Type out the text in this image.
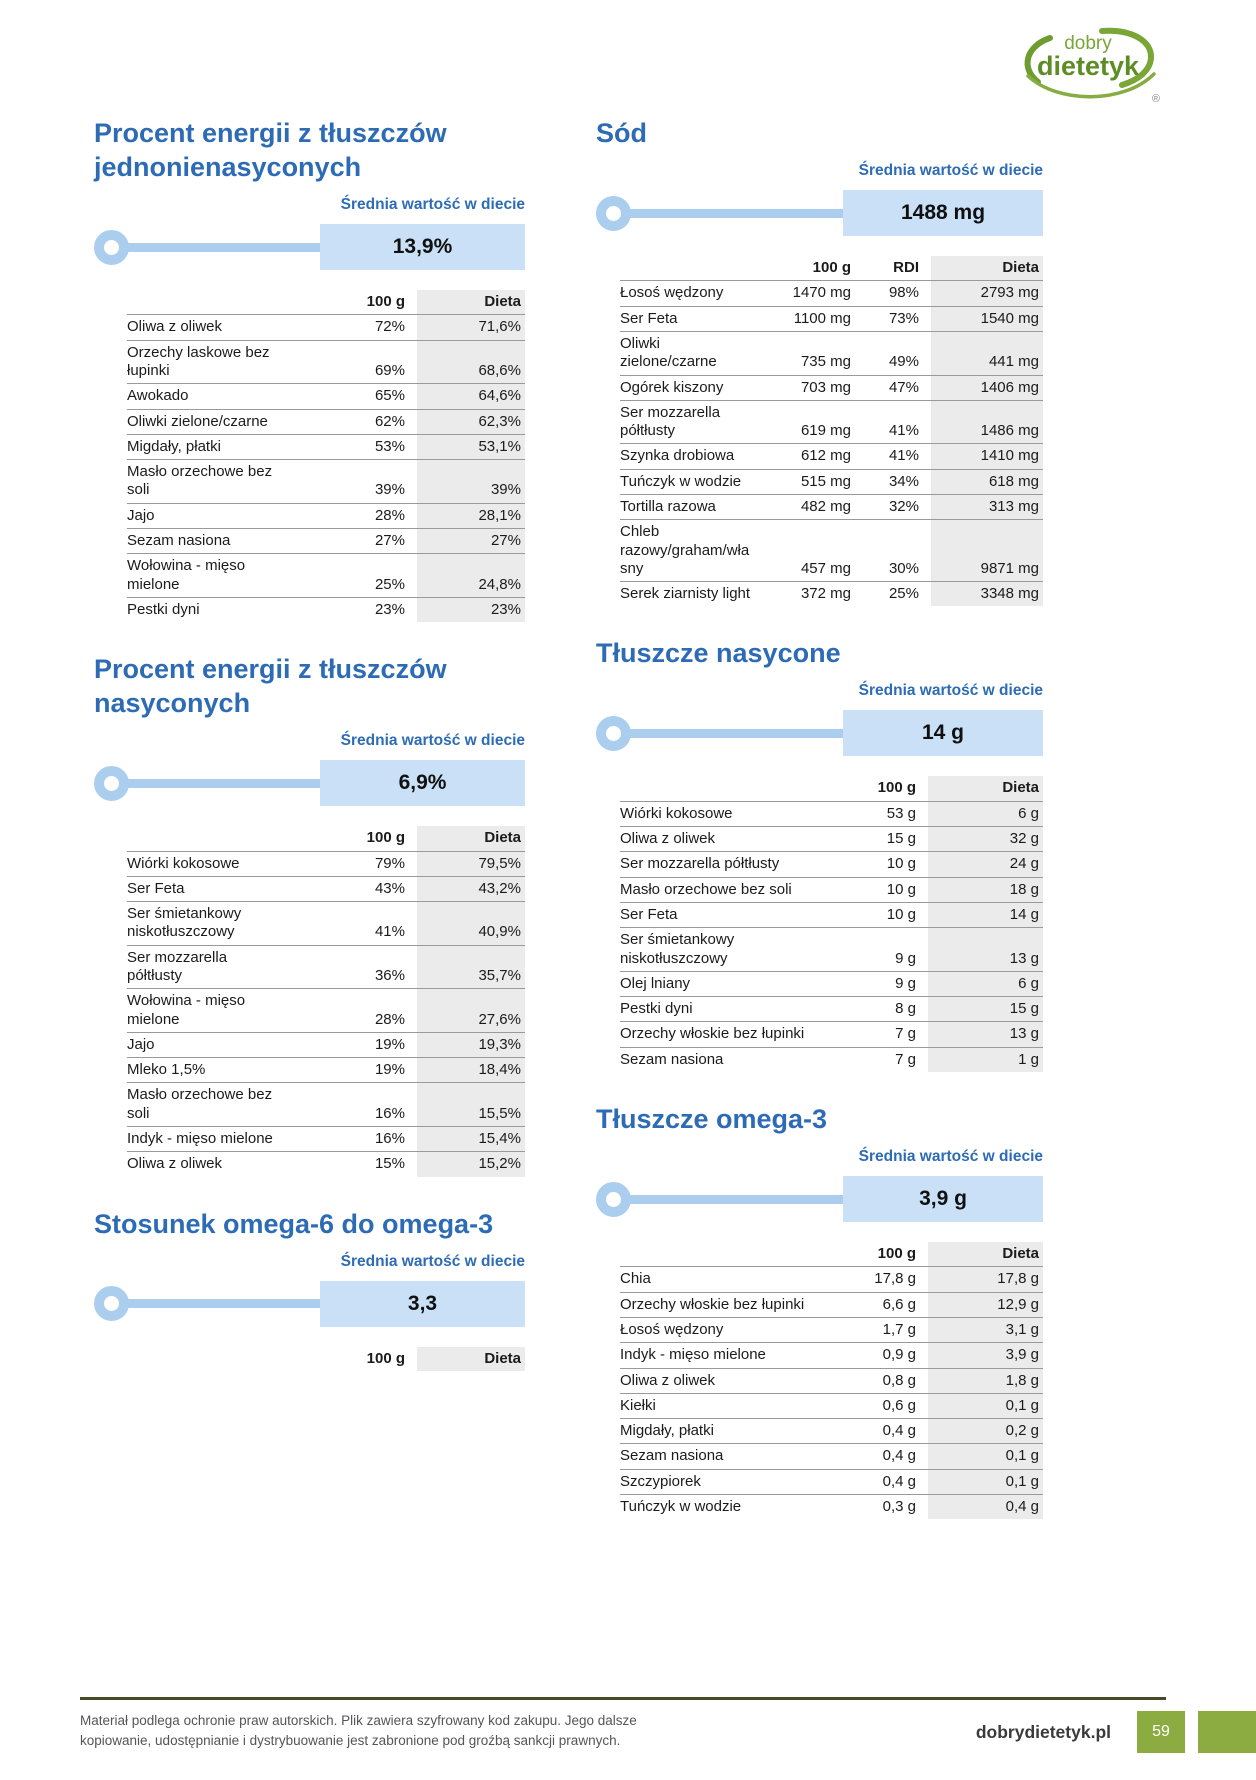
dobry
dietetyk
®
Procent energii z tłuszczów jednonienasyconych
Średnia wartość w diecie
13,9%
	100 g	Dieta
Oliwa z oliwek	72%	71,6%
Orzechy laskowe bez łupinki	69%	68,6%
Awokado	65%	64,6%
Oliwki zielone/czarne	62%	62,3%
Migdały, płatki	53%	53,1%
Masło orzechowe bez soli	39%	39%
Jajo	28%	28,1%
Sezam nasiona	27%	27%
Wołowina - mięso mielone	25%	24,8%
Pestki dyni	23%	23%
Procent energii z tłuszczów nasyconych
Średnia wartość w diecie
6,9%
	100 g	Dieta
Wiórki kokosowe	79%	79,5%
Ser Feta	43%	43,2%
Ser śmietankowy niskotłuszczowy	41%	40,9%
Ser mozzarella półtłusty	36%	35,7%
Wołowina - mięso mielone	28%	27,6%
Jajo	19%	19,3%
Mleko 1,5%	19%	18,4%
Masło orzechowe bez soli	16%	15,5%
Indyk - mięso mielone	16%	15,4%
Oliwa z oliwek	15%	15,2%
Stosunek omega-6 do omega-3
Średnia wartość w diecie
3,3
	100 g	Dieta
Sód
Średnia wartość w diecie
1488 mg
	100 g	RDI	Dieta
Łosoś wędzony	1470 mg	98%	2793 mg
Ser Feta	1100 mg	73%	1540 mg
Oliwki zielone/czarne	735 mg	49%	441 mg
Ogórek kiszony	703 mg	47%	1406 mg
Ser mozzarella półtłusty	619 mg	41%	1486 mg
Szynka drobiowa	612 mg	41%	1410 mg
Tuńczyk w wodzie	515 mg	34%	618 mg
Tortilla razowa	482 mg	32%	313 mg
Chleb razowy/graham/własny	457 mg	30%	9871 mg
Serek ziarnisty light	372 mg	25%	3348 mg
Tłuszcze nasycone
Średnia wartość w diecie
14 g
	100 g	Dieta
Wiórki kokosowe	53 g	6 g
Oliwa z oliwek	15 g	32 g
Ser mozzarella półtłusty	10 g	24 g
Masło orzechowe bez soli	10 g	18 g
Ser Feta	10 g	14 g
Ser śmietankowy niskotłuszczowy	9 g	13 g
Olej lniany	9 g	6 g
Pestki dyni	8 g	15 g
Orzechy włoskie bez łupinki	7 g	13 g
Sezam nasiona	7 g	1 g
Tłuszcze omega-3
Średnia wartość w diecie
3,9 g
	100 g	Dieta
Chia	17,8 g	17,8 g
Orzechy włoskie bez łupinki	6,6 g	12,9 g
Łosoś wędzony	1,7 g	3,1 g
Indyk - mięso mielone	0,9 g	3,9 g
Oliwa z oliwek	0,8 g	1,8 g
Kiełki	0,6 g	0,1 g
Migdały, płatki	0,4 g	0,2 g
Sezam nasiona	0,4 g	0,1 g
Szczypiorek	0,4 g	0,1 g
Tuńczyk w wodzie	0,3 g	0,4 g
Materiał podlega ochronie praw autorskich. Plik zawiera szyfrowany kod zakupu. Jego dalsze kopiowanie, udostępnianie i dystrybuowanie jest zabronione pod groźbą sankcji prawnych.	dobrydietetyk.pl	59
